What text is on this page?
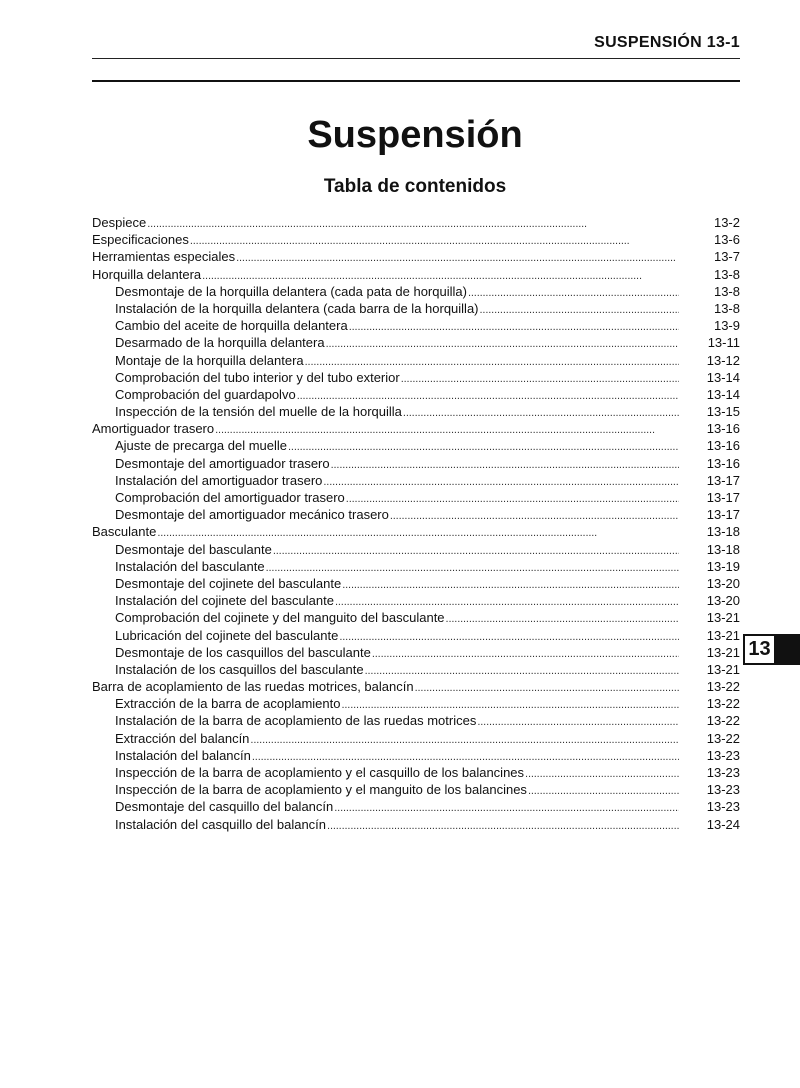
SUSPENSIÓN 13-1
Suspensión
Tabla de contenidos
Despiece . . .	13-2
Especificaciones . . .	13-6
Herramientas especiales . . .	13-7
Horquilla delantera . . .	13-8
Desmontaje de la horquilla delantera (cada pata de horquilla) . . .	13-8
Instalación de la horquilla delantera (cada barra de la horquilla) . . .	13-8
Cambio del aceite de horquilla delantera . . .	13-9
Desarmado de la horquilla delantera . . .	13-11
Montaje de la horquilla delantera . . .	13-12
Comprobación del tubo interior y del tubo exterior . . .	13-14
Comprobación del guardapolvo . . .	13-14
Inspección de la tensión del muelle de la horquilla . . .	13-15
Amortiguador trasero . . .	13-16
Ajuste de precarga del muelle . . .	13-16
Desmontaje del amortiguador trasero . . .	13-16
Instalación del amortiguador trasero . . .	13-17
Comprobación del amortiguador trasero . . .	13-17
Desmontaje del amortiguador mecánico trasero . . .	13-17
Basculante . . .	13-18
Desmontaje del basculante . . .	13-18
Instalación del basculante . . .	13-19
Desmontaje del cojinete del basculante . . .	13-20
Instalación del cojinete del basculante . . .	13-20
Comprobación del cojinete y del manguito del basculante . . .	13-21
Lubricación del cojinete del basculante . . .	13-21
Desmontaje de los casquillos del basculante . . .	13-21
Instalación de los casquillos del basculante . . .	13-21
Barra de acoplamiento de las ruedas motrices, balancín . . .	13-22
Extracción de la barra de acoplamiento . . .	13-22
Instalación de la barra de acoplamiento de las ruedas motrices . . .	13-22
Extracción del balancín . . .	13-22
Instalación del balancín . . .	13-23
Inspección de la barra de acoplamiento y el casquillo de los balancines . . .	13-23
Inspección de la barra de acoplamiento y el manguito de los balancines . . .	13-23
Desmontaje del casquillo del balancín . . .	13-23
Instalación del casquillo del balancín . . .	13-24
13
